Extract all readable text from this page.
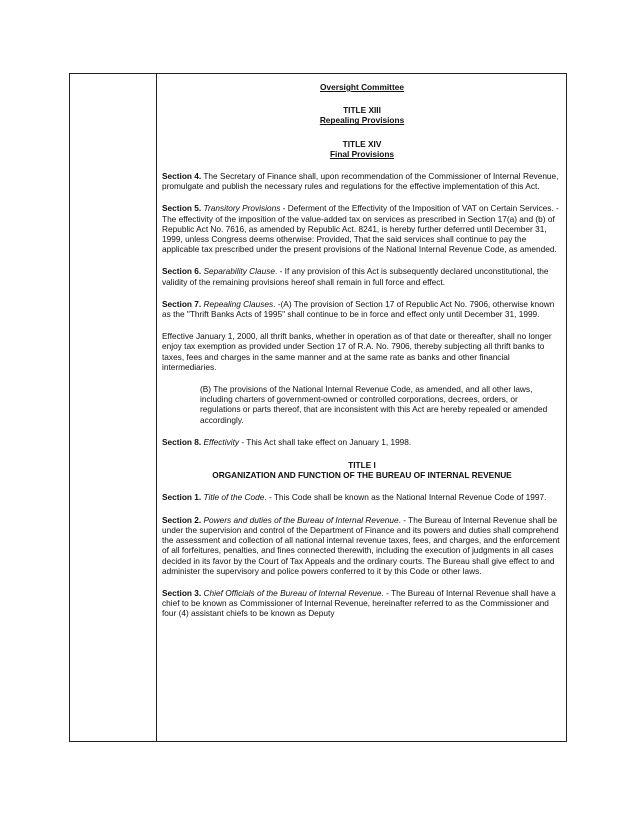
Oversight Committee

TITLE XIII

Repealing Provisions

TITLE XIV

Final Provisions

Section 4. The Secretary of Finance shall, upon recommendation of the Commissioner of Internal Revenue, promulgate and publish the necessary rules and regulations for the effective implementation of this Act.

Section 5. Transitory Provisions - Deferment of the Effectivity of the Imposition of VAT on Certain Services. - The effectivity of the imposition of the value-added tax on services as prescribed in Section 17(a) and (b) of Republic Act No. 7616, as amended by Republic Act. 8241, is hereby further deferred until December 31, 1999, unless Congress deems otherwise: Provided, That the said services shall continue to pay the applicable tax prescribed under the present provisions of the National Internal Revenue Code, as amended.

Section 6. Separability Clause. - If any provision of this Act is subsequently declared unconstitutional, the validity of the remaining provisions hereof shall remain in full force and effect.

Section 7. Repealing Clauses. -(A) The provision of Section 17 of Republic Act No. 7906, otherwise known as the "Thrift Banks Acts of 1995" shall continue to be in force and effect only until December 31, 1999.

Effective January 1, 2000, all thrift banks, whether in operation as of that date or thereafter, shall no longer enjoy tax exemption as provided under Section 17 of R.A. No. 7906, thereby subjecting all thrift banks to taxes, fees and charges in the same manner and at the same rate as banks and other financial intermediaries.

(B) The provisions of the National Internal Revenue Code, as amended, and all other laws, including charters of government-owned or controlled corporations, decrees, orders, or regulations or parts thereof, that are inconsistent with this Act are hereby repealed or amended accordingly.

Section 8. Effectivity - This Act shall take effect on January 1, 1998.

TITLE I

ORGANIZATION AND FUNCTION OF THE BUREAU OF INTERNAL REVENUE

Section 1. Title of the Code. - This Code shall be known as the National Internal Revenue Code of 1997.

Section 2. Powers and duties of the Bureau of Internal Revenue. - The Bureau of Internal Revenue shall be under the supervision and control of the Department of Finance and its powers and duties shall comprehend the assessment and collection of all national internal revenue taxes, fees, and charges, and the enforcement of all forfeitures, penalties, and fines connected therewith, including the execution of judgments in all cases decided in its favor by the Court of Tax Appeals and the ordinary courts. The Bureau shall give effect to and administer the supervisory and police powers conferred to it by this Code or other laws.

Section 3. Chief Officials of the Bureau of Internal Revenue. - The Bureau of Internal Revenue shall have a chief to be known as Commissioner of Internal Revenue, hereinafter referred to as the Commissioner and four (4) assistant chiefs to be known as Deputy
